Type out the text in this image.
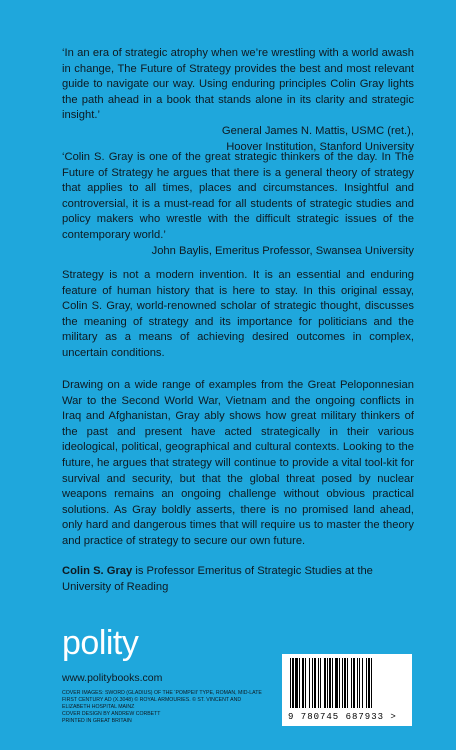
‘In an era of strategic atrophy when we’re wrestling with a world awash in change, The Future of Strategy provides the best and most relevant guide to navigate our way. Using enduring principles Colin Gray lights the path ahead in a book that stands alone in its clarity and strategic insight.’

General James N. Mattis, USMC (ret.),
Hoover Institution, Stanford University

‘Colin S. Gray is one of the great strategic thinkers of the day. In The Future of Strategy he argues that there is a general theory of strategy that applies to all times, places and circumstances. Insightful and controversial, it is a must-read for all students of strategic studies and policy makers who wrestle with the difficult strategic issues of the contemporary world.’

John Baylis, Emeritus Professor, Swansea University

Strategy is not a modern invention. It is an essential and enduring feature of human history that is here to stay. In this original essay, Colin S. Gray, world-renowned scholar of strategic thought, discusses the meaning of strategy and its importance for politicians and the military as a means of achieving desired outcomes in complex, uncertain conditions.

Drawing on a wide range of examples from the Great Peloponnesian War to the Second World War, Vietnam and the ongoing conflicts in Iraq and Afghanistan, Gray ably shows how great military thinkers of the past and present have acted strategically in their various ideological, political, geographical and cultural contexts. Looking to the future, he argues that strategy will continue to provide a vital tool-kit for survival and security, but that the global threat posed by nuclear weapons remains an ongoing challenge without obvious practical solutions. As Gray boldly asserts, there is no promised land ahead, only hard and dangerous times that will require us to master the theory and practice of strategy to secure our own future.

Colin S. Gray is Professor Emeritus of Strategic Studies at the University of Reading

polity
www.politybooks.com
COVER IMAGES: SWORD (GLADIUS) OF THE ‘POMPEII’ TYPE, ROMAN, MID-LATE FIRST CENTURY AD (X.3048) © ROYAL ARMOURIES. © ST. VINCENT AND ELIZABETH HOSPITAL MAINZ
COVER DESIGN BY ANDREW CORBETT
PRINTED IN GREAT BRITAIN	9 780745 687933 >
